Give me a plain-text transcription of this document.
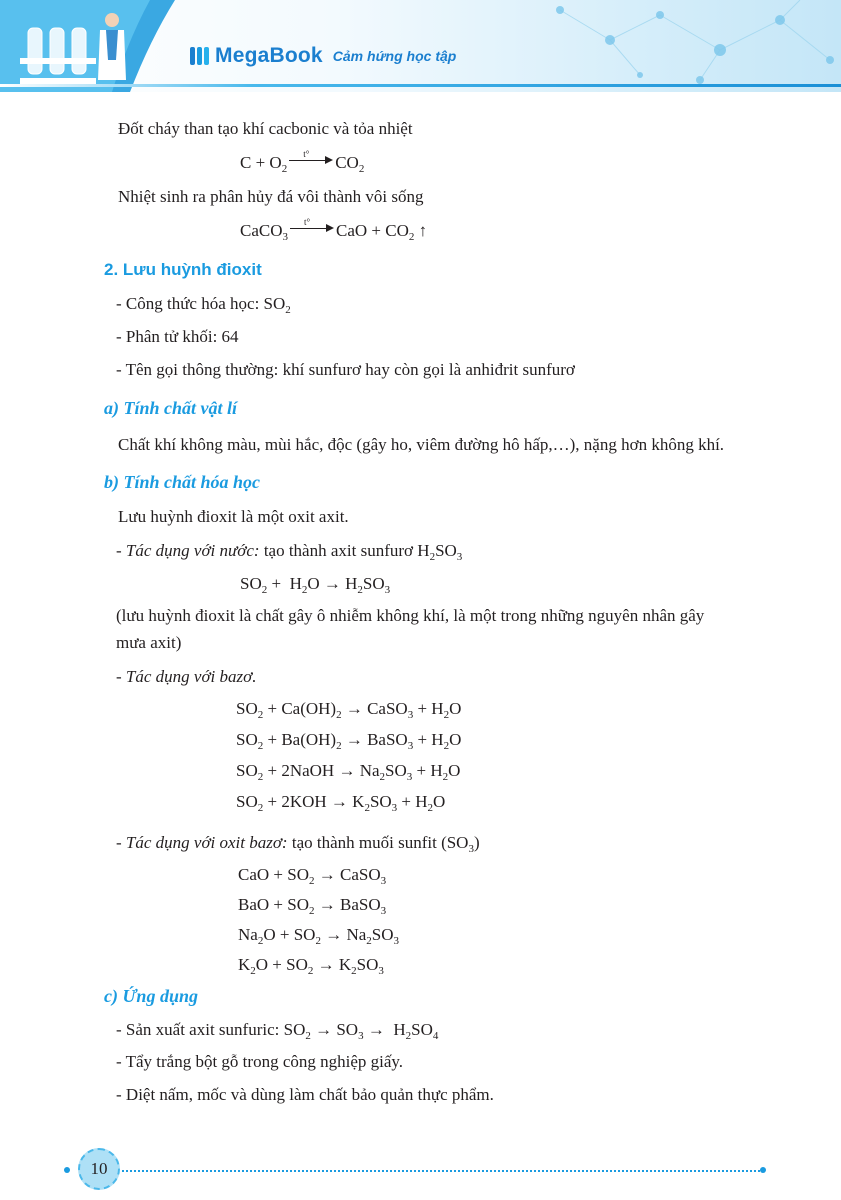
MegaBook Cảm hứng học tập
Đốt cháy than tạo khí cacbonic và tỏa nhiệt
$C + O_2$
t° $CO_2$
Nhiệt sinh ra phân hủy đá vôi thành vôi sống
CaCO$_3$
t° CaO + $CO_2$ ↑
2. Lưu huỳnh đioxit
- Công thức hóa học: $SO_2$
- Phân tử khối: 64
- Tên gọi thông thường: khí sunfurơ hay còn gọi là anhiđrit sunfurơ
a) Tính chất vật lí
Chất khí không màu, mùi hắc, độc (gây ho, viêm đường hô hấp,…), nặng hơn không khí.
b) Tính chất hóa học
Lưu huỳnh đioxit là một oxit axit.
- Tác dụng với nước: tạo thành axit sunfurơ $H_2SO_3$
$SO_2 + H_2O \to H_2SO_3$
(lưu huỳnh đioxit là chất gây ô nhiễm không khí, là một trong những nguyên nhân gây
mưa axit)
- Tác dụng với bazơ.
$SO_2 + Ca(OH)_2$ → CaSO$_3$ + $H_2O$
$SO_2 + Ba(OH)_2$ → BaSO$_3$ + $H_2O$
$SO_2$ + 2NaOH → $Na_2SO_3 + H_2O$
$SO_2 + 2KOH \to K_2SO_3 + H_2O$
- Tác dụng với oxit bazơ: tạo thành muối sunfit $(SO_3)$
CaO + $SO_2$ → CaSO$_3$
BaO + $SO_2$ → BaSO$_3$
$Na_2O + SO_2 \to Na_2SO_3$
$K_2O + SO_2 \to K_2SO_3$
c) Ứng dụng
- Sản xuất axit sunfuric: $SO_2 \to SO_3 \to H_2SO_4$
- Tẩy trắng bột gỗ trong công nghiệp giấy.
- Diệt nấm, mốc và dùng làm chất bảo quản thực phẩm.
10
